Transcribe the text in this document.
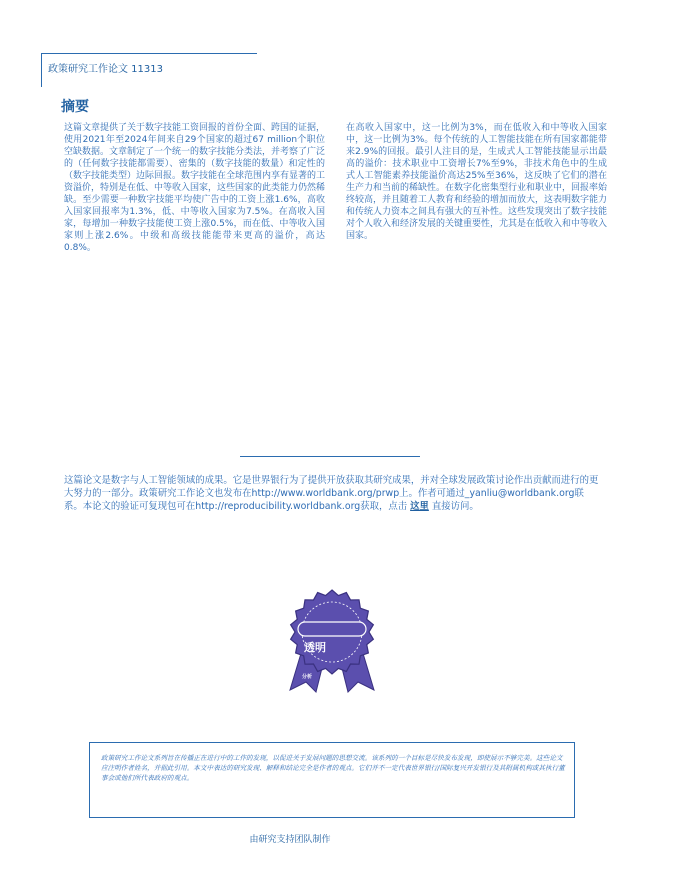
政策研究工作论文 11313
摘要
这篇文章提供了关于数字技能工资回报的首份全面、跨国的证据，使用2021年至2024年间来自29个国家的超过67 million个职位空缺数据。文章制定了一个统一的数字技能分类法，并考察了广泛的（任何数字技能都需要）、密集的（数字技能的数量）和定性的（数字技能类型）边际回报。数字技能在全球范围内享有显著的工资溢价，特别是在低、中等收入国家，这些国家的此类能力仍然稀缺。至少需要一种数字技能平均使广告中的工资上涨1.6%，高收入国家回报率为1.3%，低、中等收入国家为7.5%。在高收入国家，每增加一种数字技能使工资上涨0.5%，而在低、中等收入国家则上涨2.6%。中级和高级技能能带来更高的溢价，高达0.8%。
在高收入国家中，这一比例为3%，而在低收入和中等收入国家中，这一比例为3%。每个传统的人工智能技能在所有国家都能带来2.9%的回报。最引人注目的是，生成式人工智能技能显示出最高的溢价：技术职业中工资增长7%至9%，非技术角色中的生成式人工智能素养技能溢价高达25%至36%，这反映了它们的潜在生产力和当前的稀缺性。在数字化密集型行业和职业中，回报率始终较高，并且随着工人教育和经验的增加而放大，这表明数字能力和传统人力资本之间具有强大的互补性。这些发现突出了数字技能对个人收入和经济发展的关键重要性，尤其是在低收入和中等收入国家。
这篇论文是数字与人工智能领域的成果。它是世界银行为了提供开放获取其研究成果，并对全球发展政策讨论作出贡献而进行的更大努力的一部分。政策研究工作论文也发布在http://www.worldbank.org/prwp上。作者可通过_yanliu@worldbank.org联系。本论文的验证可复现包可在http://reproducibility.worldbank.org获取，点击 这里 直接访问。
透明
分析
政策研究工作论文系列旨在传播正在进行中的工作的发现，以促进关于发展问题的思想交流。该系列的一个目标是尽快发布发现，即使展示不够完美。这些论文应注明作者姓名，并据此引用。本文中表达的研究发现、解释和结论完全是作者的观点。它们并不一定代表世界银行/国际复兴开发银行及其附属机构或其执行董事会或他们所代表政府的观点。
由研究支持团队制作
